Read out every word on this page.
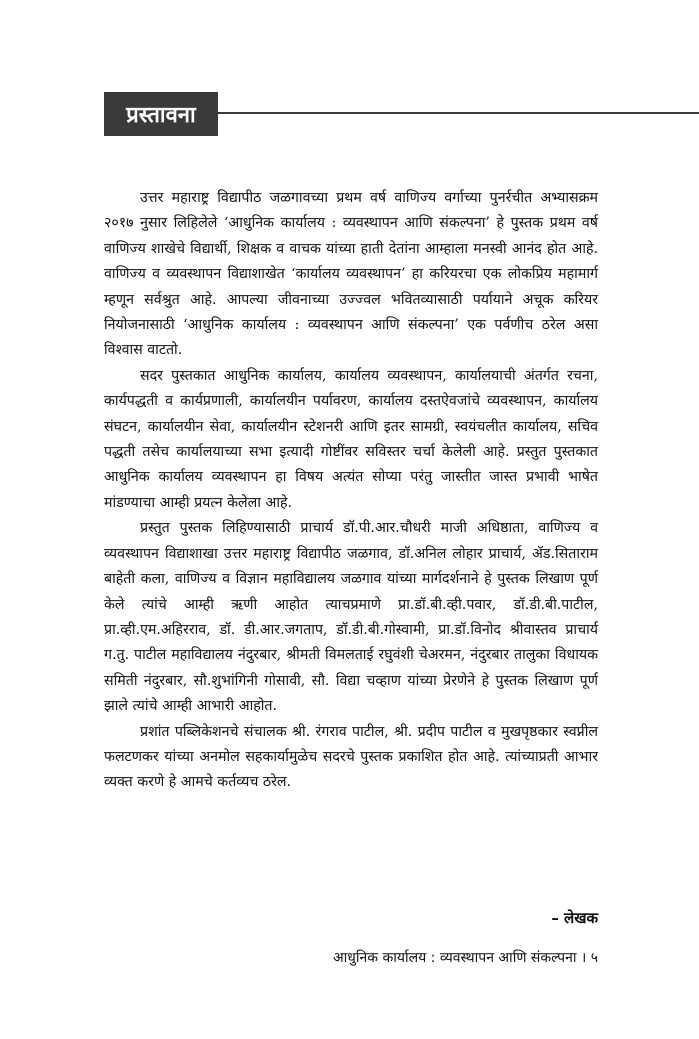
प्रस्तावना

उत्तर महाराष्ट्र विद्यापीठ जळगावच्या प्रथम वर्ष वाणिज्य वर्गाच्या पुनर्रचीत अभ्यासक्रम २०१७ नुसार लिहिलेले ‘आधुनिक कार्यालय : व्यवस्थापन आणि संकल्पना’ हे पुस्तक प्रथम वर्ष वाणिज्य शाखेचे विद्यार्थी, शिक्षक व वाचक यांच्या हाती देतांना आम्हाला मनस्वी आनंद होत आहे. वाणिज्य व व्यवस्थापन विद्याशाखेत ‘कार्यालय व्यवस्थापन’ हा करियरचा एक लोकप्रिय महामार्ग म्हणून सर्वश्रुत आहे. आपल्या जीवनाच्या उज्ज्वल भवितव्यासाठी पर्यायाने अचूक करियर नियोजनासाठी ‘आधुनिक कार्यालय : व्यवस्थापन आणि संकल्पना’ एक पर्वणीच ठरेल असा विश्वास वाटतो.

सदर पुस्तकात आधुनिक कार्यालय, कार्यालय व्यवस्थापन, कार्यालयाची अंतर्गत रचना, कार्यपद्धती व कार्यप्रणाली, कार्यालयीन पर्यावरण, कार्यालय दस्तऐवजांचे व्यवस्थापन, कार्यालय संघटन, कार्यालयीन सेवा, कार्यालयीन स्टेशनरी आणि इतर सामग्री, स्वयंचलीत कार्यालय, सचिव पद्धती तसेच कार्यालयाच्या सभा इत्यादी गोष्टींवर सविस्तर चर्चा केलेली आहे. प्रस्तुत पुस्तकात आधुनिक कार्यालय व्यवस्थापन हा विषय अत्यंत सोप्या परंतु जास्तीत जास्त प्रभावी भाषेत मांडण्याचा आम्ही प्रयत्न केलेला आहे.

प्रस्तुत पुस्तक लिहिण्यासाठी प्राचार्य डॉ.पी.आर.चौधरी माजी अधिष्ठाता, वाणिज्य व व्यवस्थापन विद्याशाखा उत्तर महाराष्ट्र विद्यापीठ जळगाव, डॉ.अनिल लोहार प्राचार्य, ॲड.सिताराम बाहेती कला, वाणिज्य व विज्ञान महाविद्यालय जळगाव यांच्या मार्गदर्शनाने हे पुस्तक लिखाण पूर्ण केले त्यांचे आम्ही ऋणी आहोत त्याचप्रमाणे प्रा.डॉ.बी.व्ही.पवार, डॉ.डी.बी.पाटील, प्रा.व्ही.एम.अहिरराव, डॉ. डी.आर.जगताप, डॉ.डी.बी.गोस्वामी, प्रा.डॉ.विनोद श्रीवास्तव प्राचार्य ग.तु. पाटील महाविद्यालय नंदुरबार, श्रीमती विमलताई रघुवंशी चेअरमन, नंदुरबार तालुका विधायक समिती नंदुरबार, सौ.शुभांगिनी गोसावी, सौ. विद्या चव्हाण यांच्या प्रेरणेने हे पुस्तक लिखाण पूर्ण झाले त्यांचे आम्ही आभारी आहोत.

प्रशांत पब्लिकेशनचे संचालक श्री. रंगराव पाटील, श्री. प्रदीप पाटील व मुखपृष्ठकार स्वप्नील फलटणकर यांच्या अनमोल सहकार्यामुळेच सदरचे पुस्तक प्रकाशित होत आहे. त्यांच्याप्रती आभार व्यक्त करणे हे आमचे कर्तव्यच ठरेल.

– लेखक
आधुनिक कार्यालय : व्यवस्थापन आणि संकल्पना । ५
